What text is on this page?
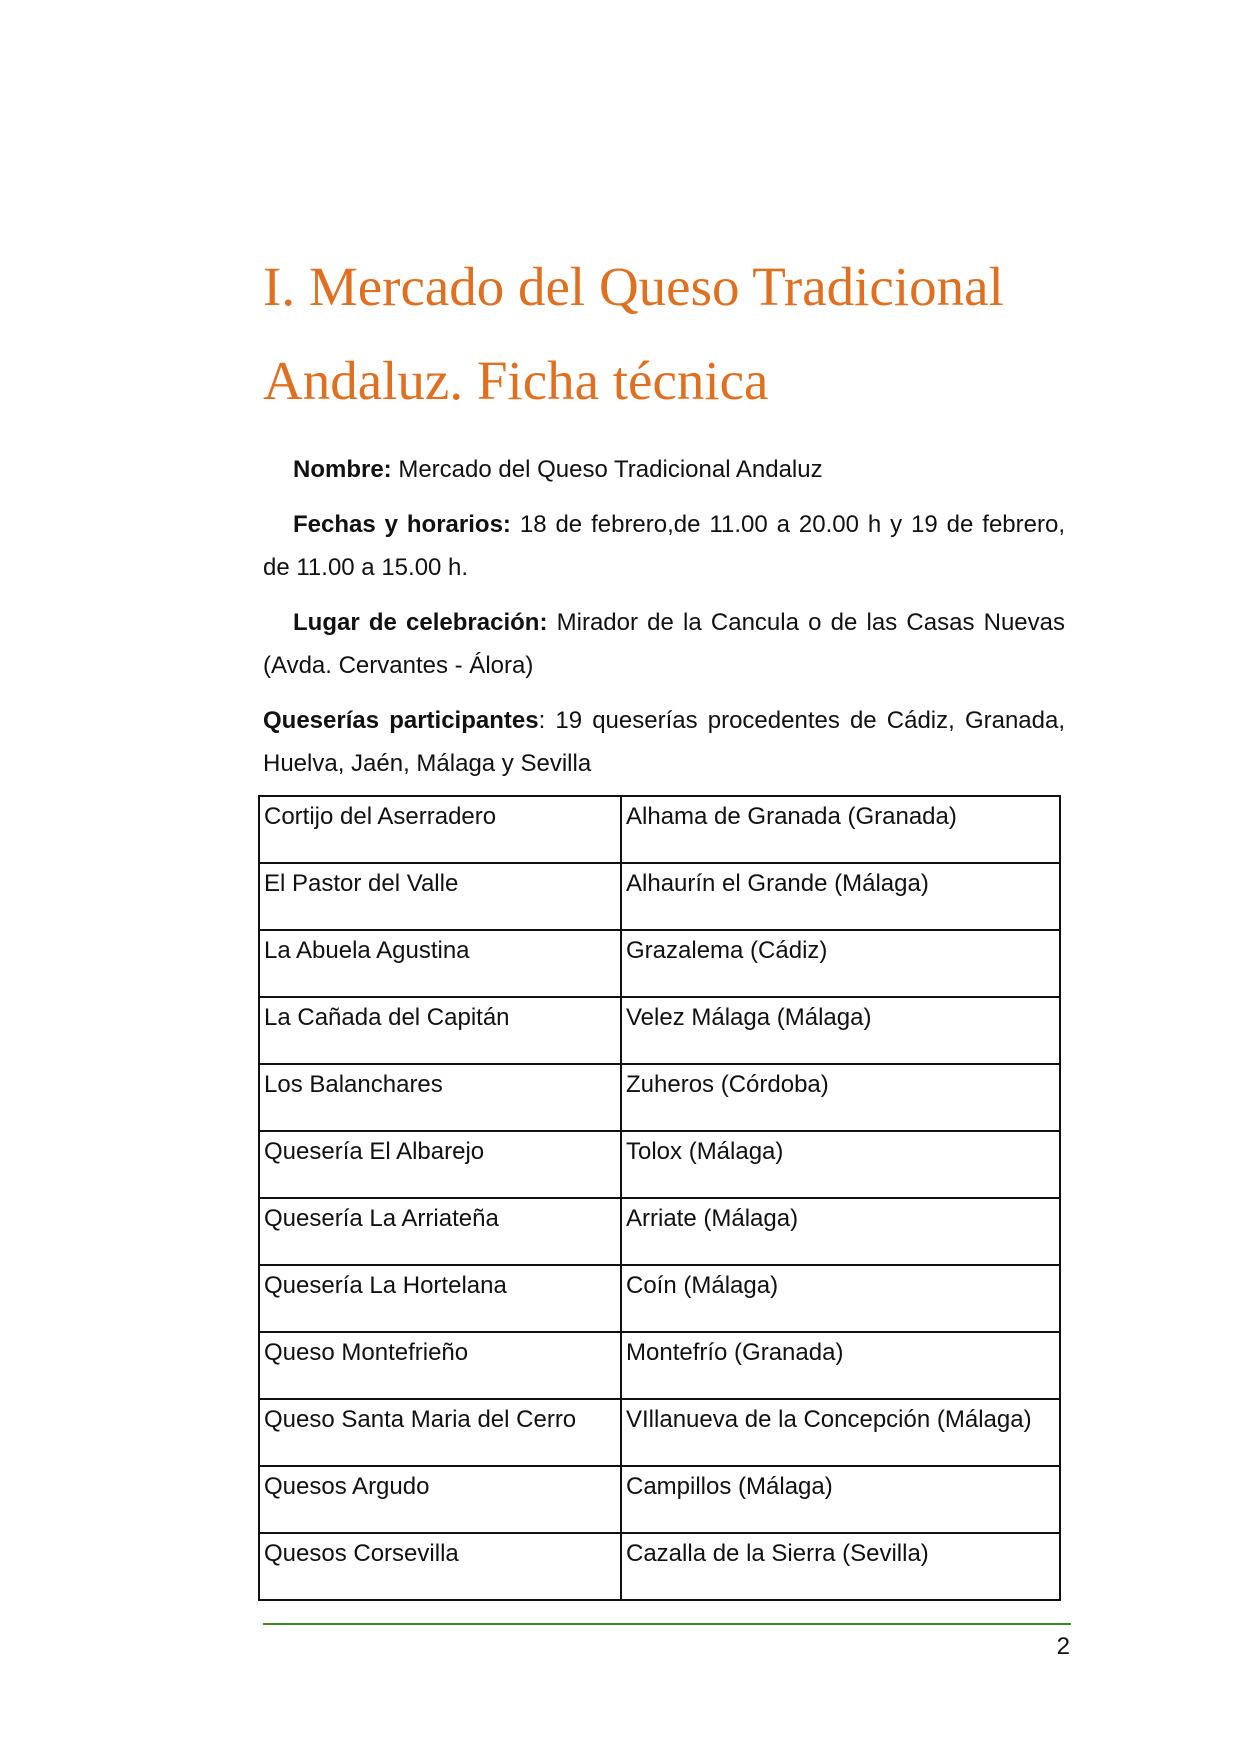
I. Mercado del Queso Tradicional
Andaluz. Ficha técnica

Nombre: Mercado del Queso Tradicional Andaluz

Fechas y horarios: 18 de febrero,de 11.00 a 20.00 h y 19 de febrero, de 11.00 a 15.00 h.

Lugar de celebración: Mirador de la Cancula o de las Casas Nuevas (Avda. Cervantes - Álora)

Queserías participantes: 19 queserías procedentes de Cádiz, Granada, Huelva, Jaén, Málaga y Sevilla

Cortijo del Aserradero	Alhama de Granada (Granada)
El Pastor del Valle	Alhaurín el Grande (Málaga)
La Abuela Agustina	Grazalema (Cádiz)
La Cañada del Capitán	Velez Málaga (Málaga)
Los Balanchares	Zuheros (Córdoba)
Quesería El Albarejo	Tolox (Málaga)
Quesería La Arriateña	Arriate (Málaga)
Quesería La Hortelana	Coín (Málaga)
Queso Montefrieño	Montefrío (Granada)
Queso Santa Maria del Cerro	VIllanueva de la Concepción (Málaga)
Quesos Argudo	Campillos (Málaga)
Quesos Corsevilla	Cazalla de la Sierra (Sevilla)
2
